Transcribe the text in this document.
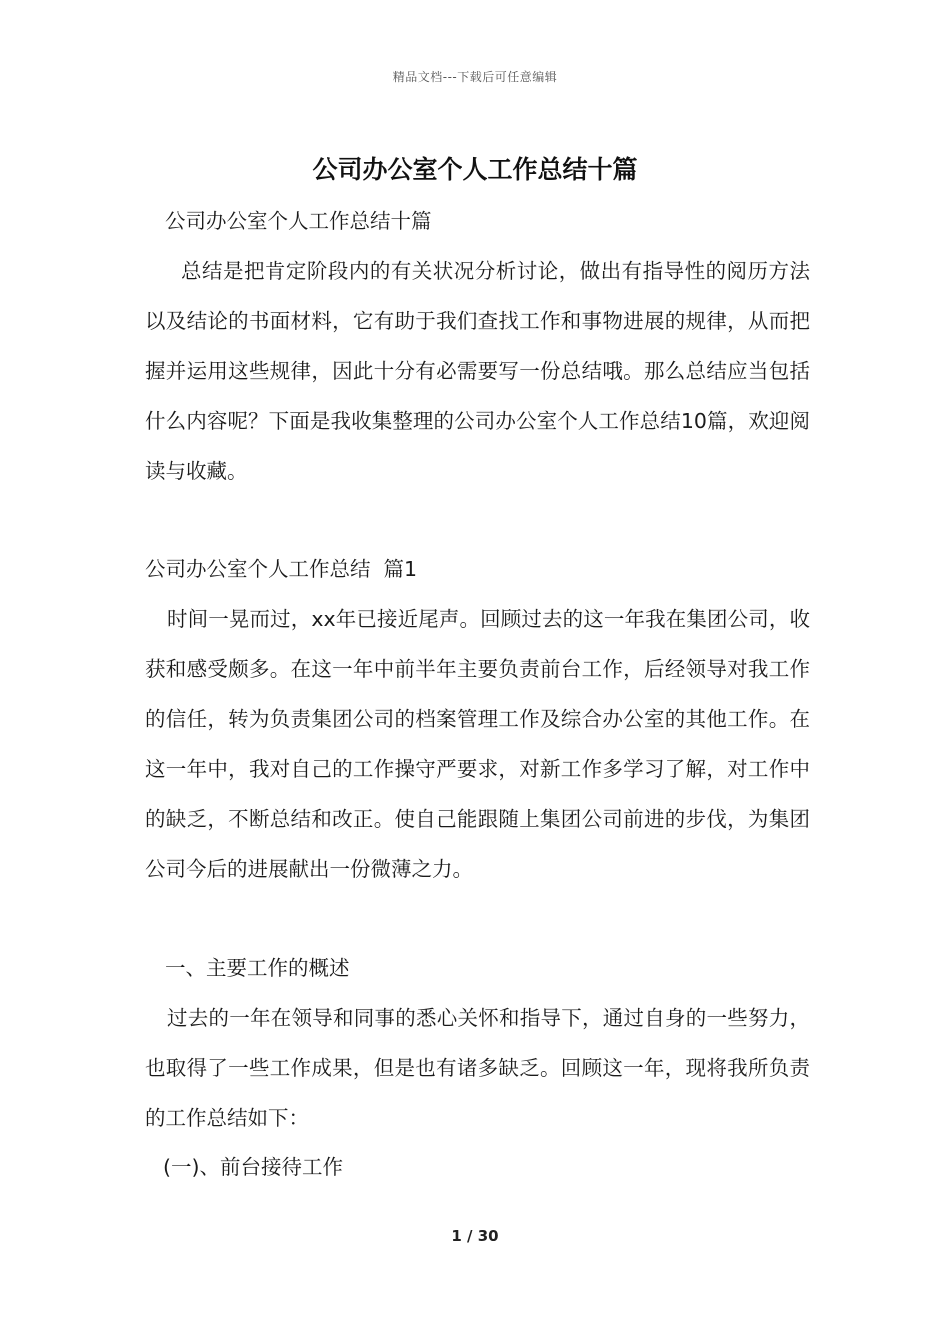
精品文档---下载后可任意编辑
公司办公室个人工作总结十篇

公司办公室个人工作总结十篇

总结是把肯定阶段内的有关状况分析讨论，做出有指导性的阅历方法以及结论的书面材料，它有助于我们查找工作和事物进展的规律，从而把握并运用这些规律，因此十分有必需要写一份总结哦。那么总结应当包括什么内容呢？下面是我收集整理的公司办公室个人工作总结10篇，欢迎阅读与收藏。

公司办公室个人工作总结  篇1

时间一晃而过，xx年已接近尾声。回顾过去的这一年我在集团公司，收获和感受颇多。在这一年中前半年主要负责前台工作，后经领导对我工作的信任，转为负责集团公司的档案管理工作及综合办公室的其他工作。在这一年中，我对自己的工作操守严要求，对新工作多学习了解，对工作中的缺乏，不断总结和改正。使自己能跟随上集团公司前进的步伐，为集团公司今后的进展献出一份微薄之力。

一、主要工作的概述

过去的一年在领导和同事的悉心关怀和指导下，通过自身的一些努力，也取得了一些工作成果，但是也有诸多缺乏。回顾这一年，现将我所负责的工作总结如下：

(一)、前台接待工作

1 / 30
